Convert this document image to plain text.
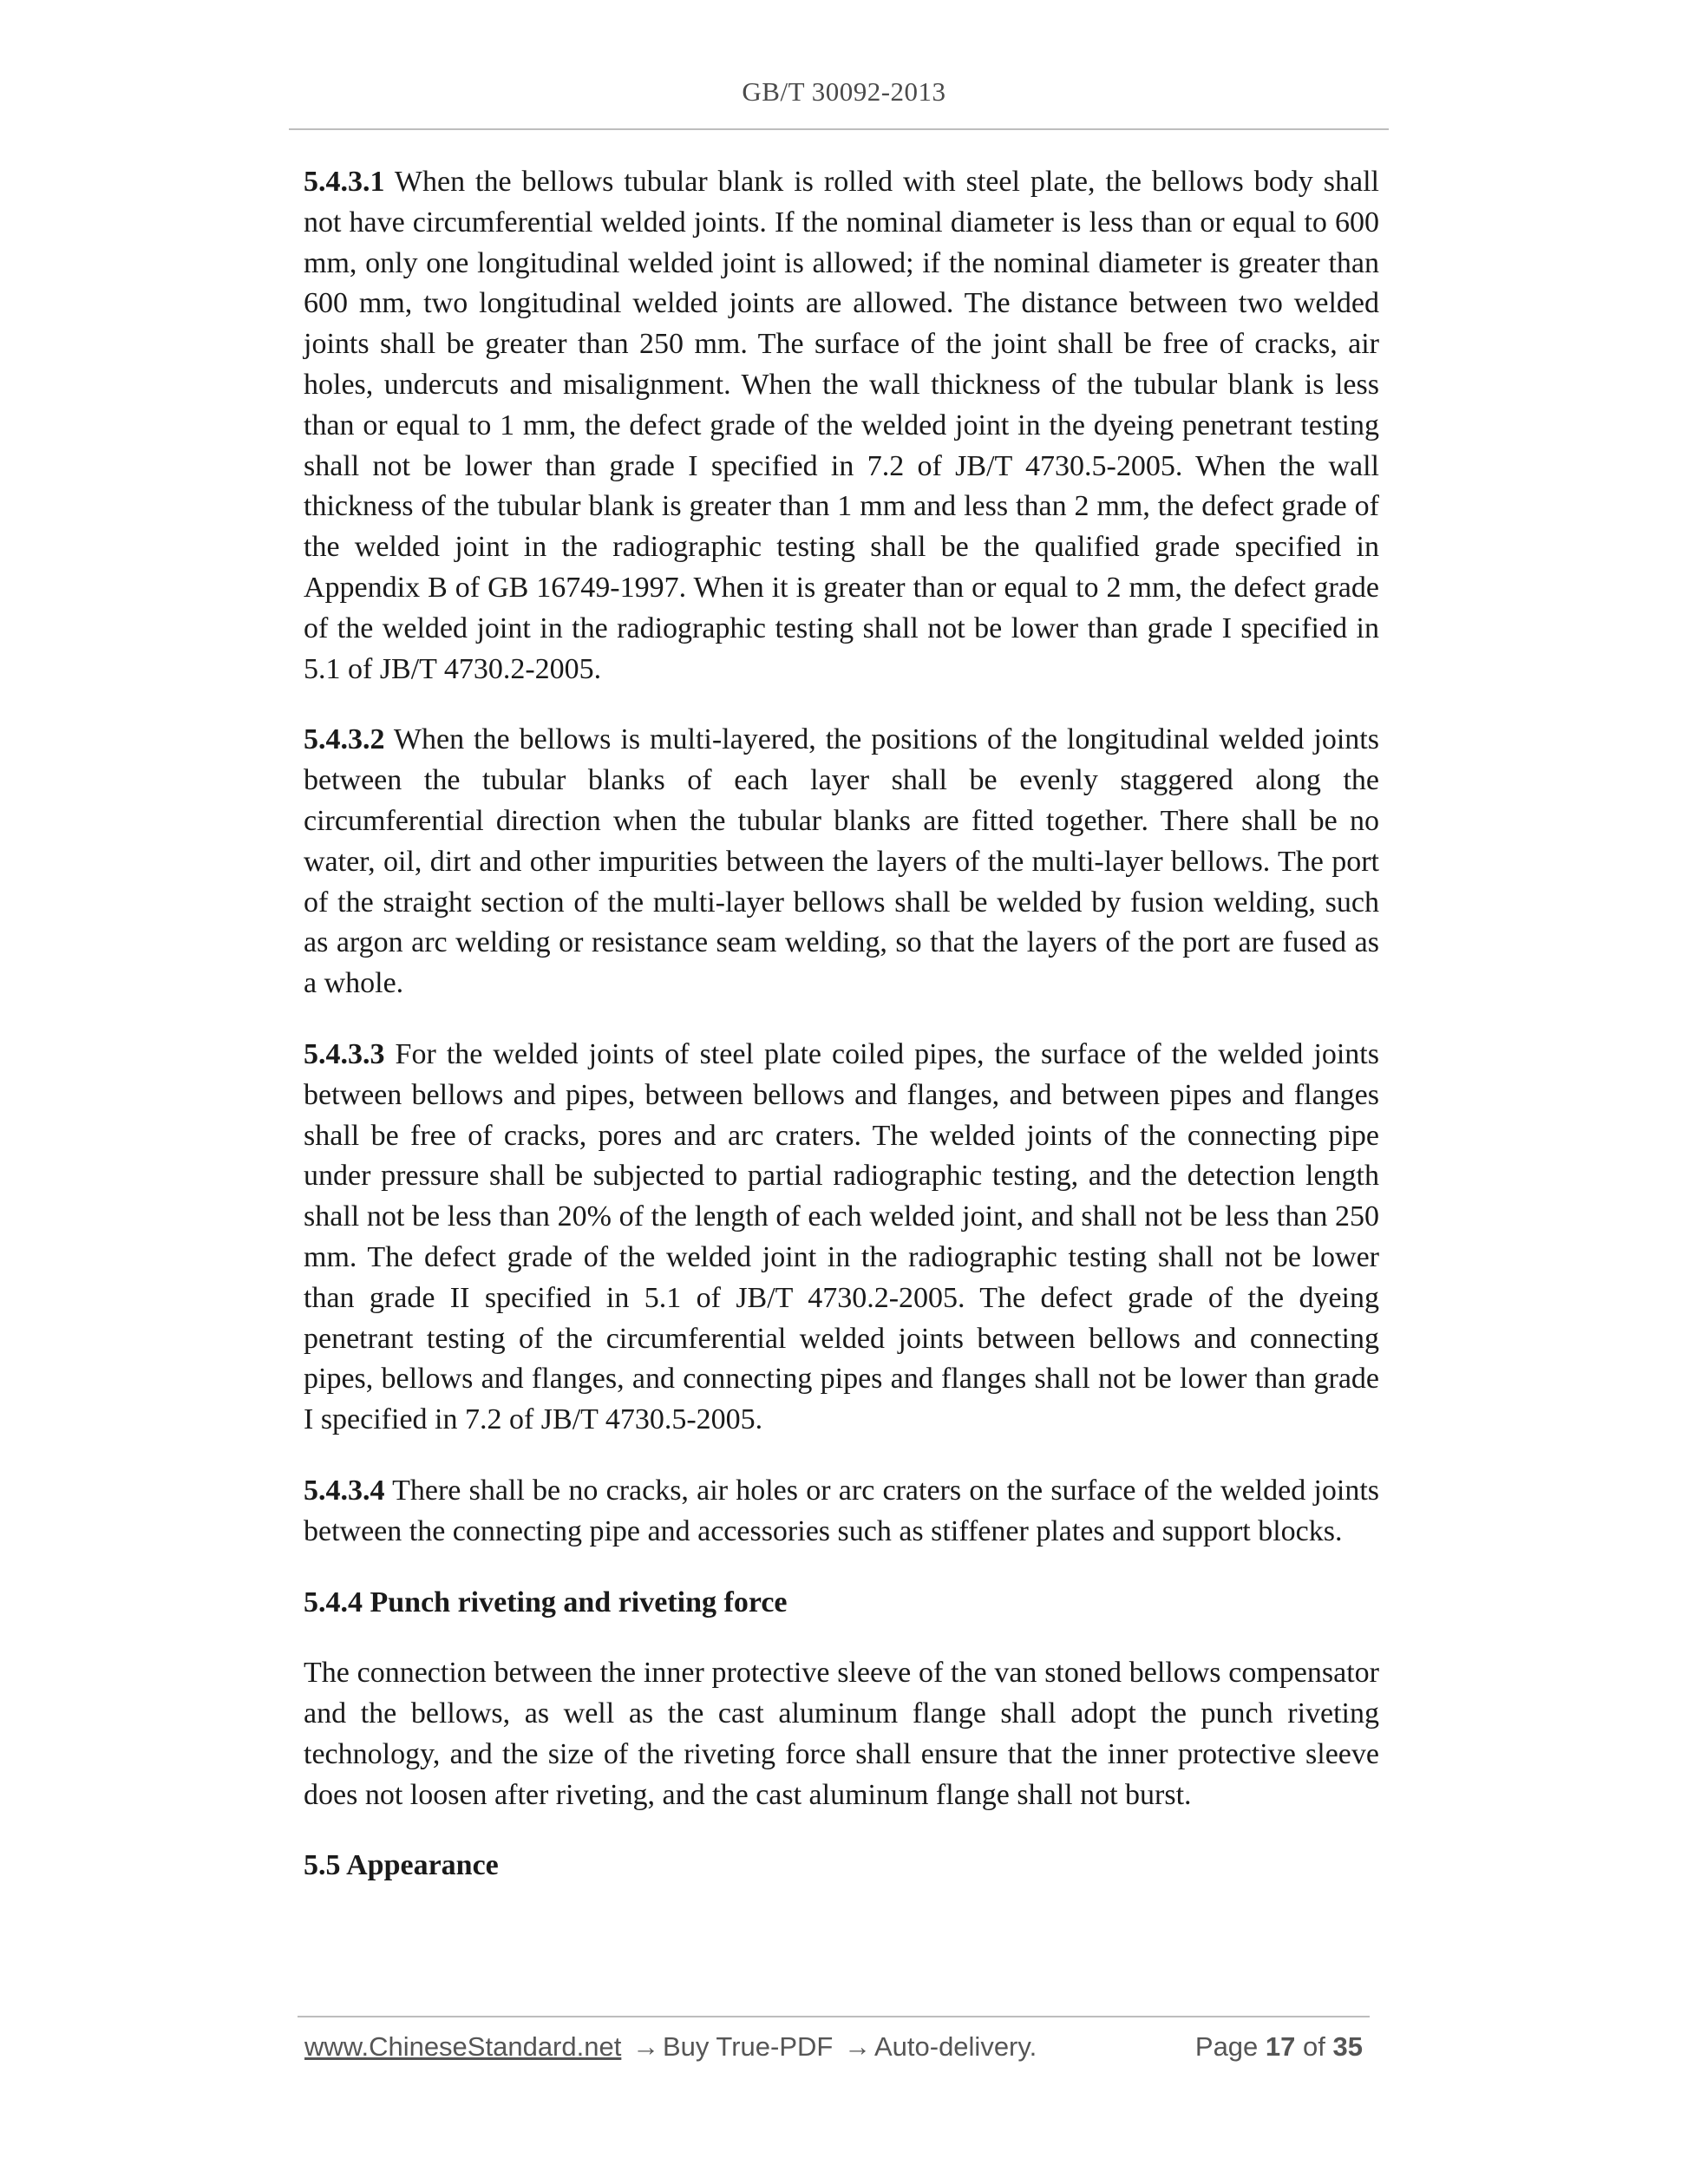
GB/T 30092-2013

5.4.3.1 When the bellows tubular blank is rolled with steel plate, the bellows body shall not have circumferential welded joints. If the nominal diameter is less than or equal to 600 mm, only one longitudinal welded joint is allowed; if the nominal diameter is greater than 600 mm, two longitudinal welded joints are allowed. The distance between two welded joints shall be greater than 250 mm. The surface of the joint shall be free of cracks, air holes, undercuts and misalignment. When the wall thickness of the tubular blank is less than or equal to 1 mm, the defect grade of the welded joint in the dyeing penetrant testing shall not be lower than grade I specified in 7.2 of JB/T 4730.5-2005. When the wall thickness of the tubular blank is greater than 1 mm and less than 2 mm, the defect grade of the welded joint in the radiographic testing shall be the qualified grade specified in Appendix B of GB 16749-1997. When it is greater than or equal to 2 mm, the defect grade of the welded joint in the radiographic testing shall not be lower than grade I specified in 5.1 of JB/T 4730.2-2005.

5.4.3.2 When the bellows is multi-layered, the positions of the longitudinal welded joints between the tubular blanks of each layer shall be evenly staggered along the circumferential direction when the tubular blanks are fitted together. There shall be no water, oil, dirt and other impurities between the layers of the multi-layer bellows. The port of the straight section of the multi-layer bellows shall be welded by fusion welding, such as argon arc welding or resistance seam welding, so that the layers of the port are fused as a whole.

5.4.3.3 For the welded joints of steel plate coiled pipes, the surface of the welded joints between bellows and pipes, between bellows and flanges, and between pipes and flanges shall be free of cracks, pores and arc craters. The welded joints of the connecting pipe under pressure shall be subjected to partial radiographic testing, and the detection length shall not be less than 20% of the length of each welded joint, and shall not be less than 250 mm. The defect grade of the welded joint in the radiographic testing shall not be lower than grade II specified in 5.1 of JB/T 4730.2-2005. The defect grade of the dyeing penetrant testing of the circumferential welded joints between bellows and connecting pipes, bellows and flanges, and connecting pipes and flanges shall not be lower than grade I specified in 7.2 of JB/T 4730.5-2005.

5.4.3.4 There shall be no cracks, air holes or arc craters on the surface of the welded joints between the connecting pipe and accessories such as stiffener plates and support blocks.

5.4.4 Punch riveting and riveting force

The connection between the inner protective sleeve of the van stoned bellows compensator and the bellows, as well as the cast aluminum flange shall adopt the punch riveting technology, and the size of the riveting force shall ensure that the inner protective sleeve does not loosen after riveting, and the cast aluminum flange shall not burst.

5.5 Appearance

www.ChineseStandard.net → Buy True-PDF → Auto-delivery.	Page 17 of 35
